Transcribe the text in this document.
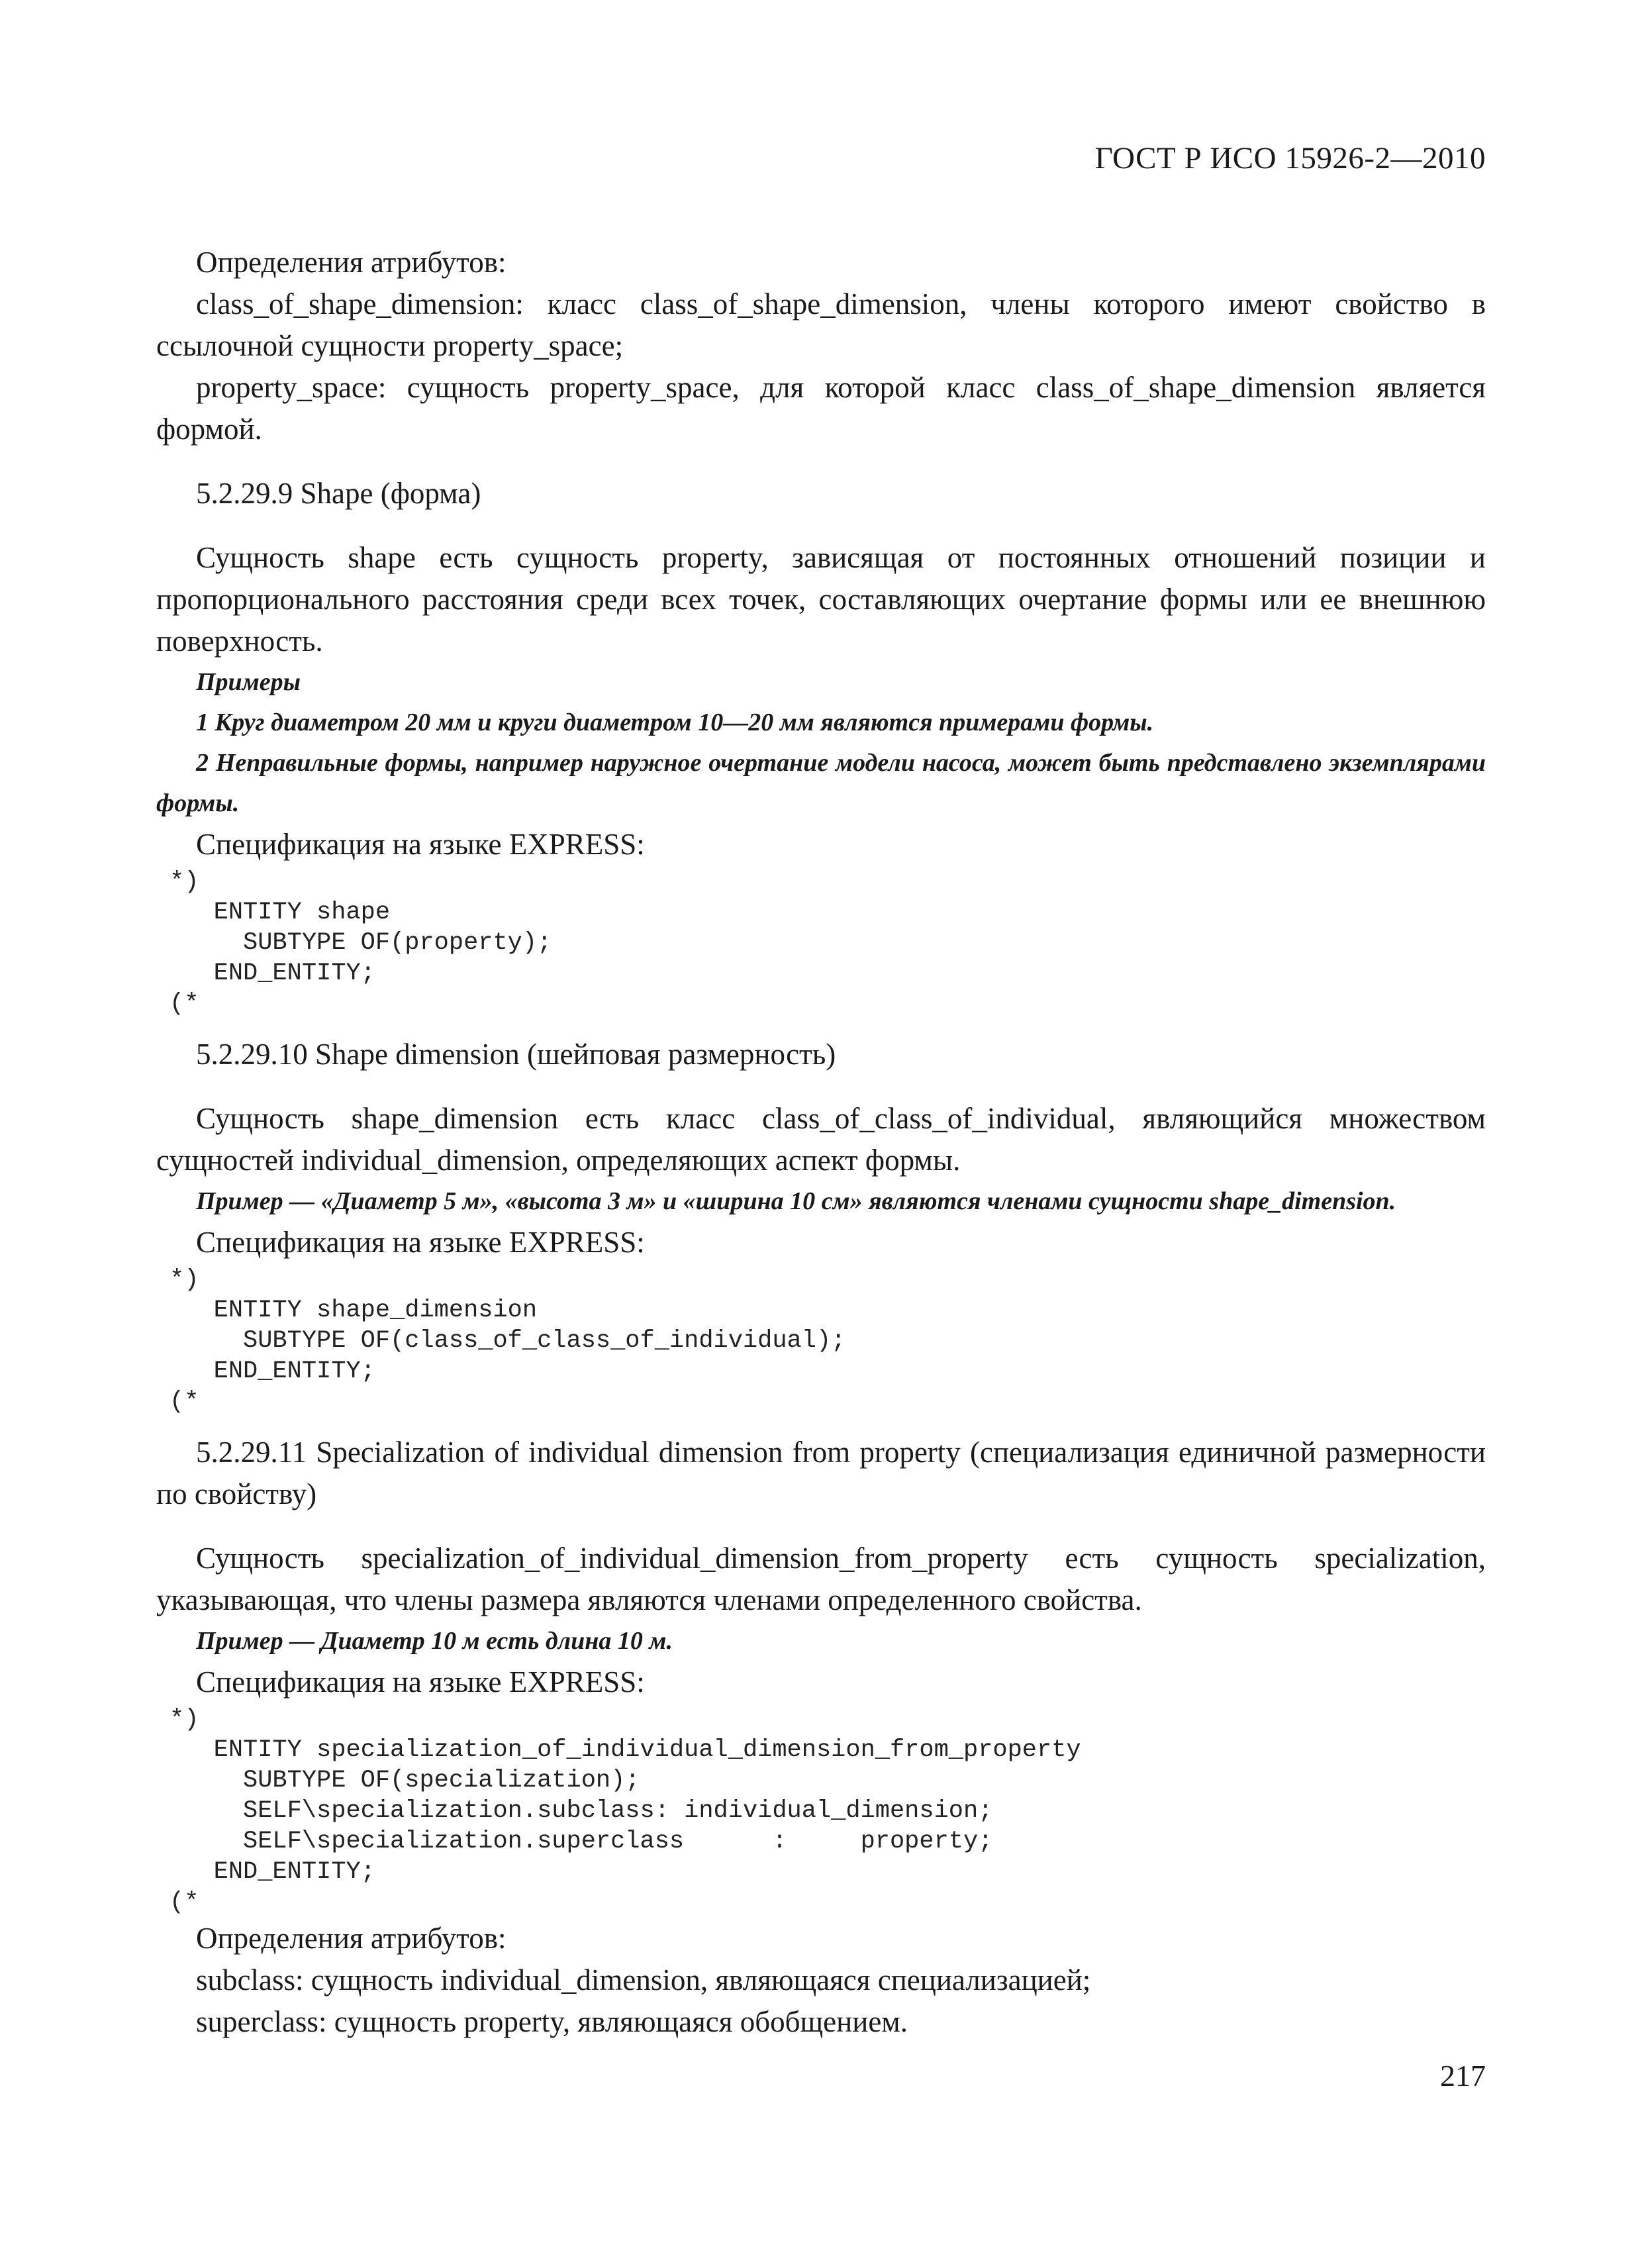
ГОСТ Р ИСО 15926-2—2010

Определения атрибутов:

class_of_shape_dimension: класс class_of_shape_dimension, члены которого имеют свойство в ссылочной сущности property_space;

property_space: сущность property_space, для которой класс class_of_shape_dimension является формой.

5.2.29.9 Shape (форма)

Сущность shape есть сущность property, зависящая от постоянных отношений позиции и пропорционального расстояния среди всех точек, составляющих очертание формы или ее внешнюю поверхность.

Примеры

1 Круг диаметром 20 мм и круги диаметром 10—20 мм являются примерами формы.

2 Неправильные формы, например наружное очертание модели насоса, может быть представлено экземплярами формы.

Спецификация на языке EXPRESS:

*)
ENTITY shape
SUBTYPE OF(property);
END_ENTITY;
(*

5.2.29.10 Shape dimension (шейповая размерность)

Сущность shape_dimension есть класс class_of_class_of_individual, являющийся множеством сущностей individual_dimension, определяющих аспект формы.

Пример — «Диаметр 5 м», «высота 3 м» и «ширина 10 см» являются членами сущности shape_dimension.

Спецификация на языке EXPRESS:

*)
ENTITY shape_dimension
SUBTYPE OF(class_of_class_of_individual);
END_ENTITY;
(*

5.2.29.11 Specialization of individual dimension from property (специализация единичной размерности по свойству)

Сущность specialization_of_individual_dimension_from_property есть сущность specialization, указывающая, что члены размера являются членами определенного свойства.

Пример — Диаметр 10 м есть длина 10 м.

Спецификация на языке EXPRESS:

*)
ENTITY specialization_of_individual_dimension_from_property
SUBTYPE OF(specialization);
SELF\specialization.subclass: individual_dimension;
SELF\specialization.superclass      :     property;
END_ENTITY;
(*

Определения атрибутов:

subclass: сущность individual_dimension, являющаяся специализацией;

superclass: сущность property, являющаяся обобщением.

217
